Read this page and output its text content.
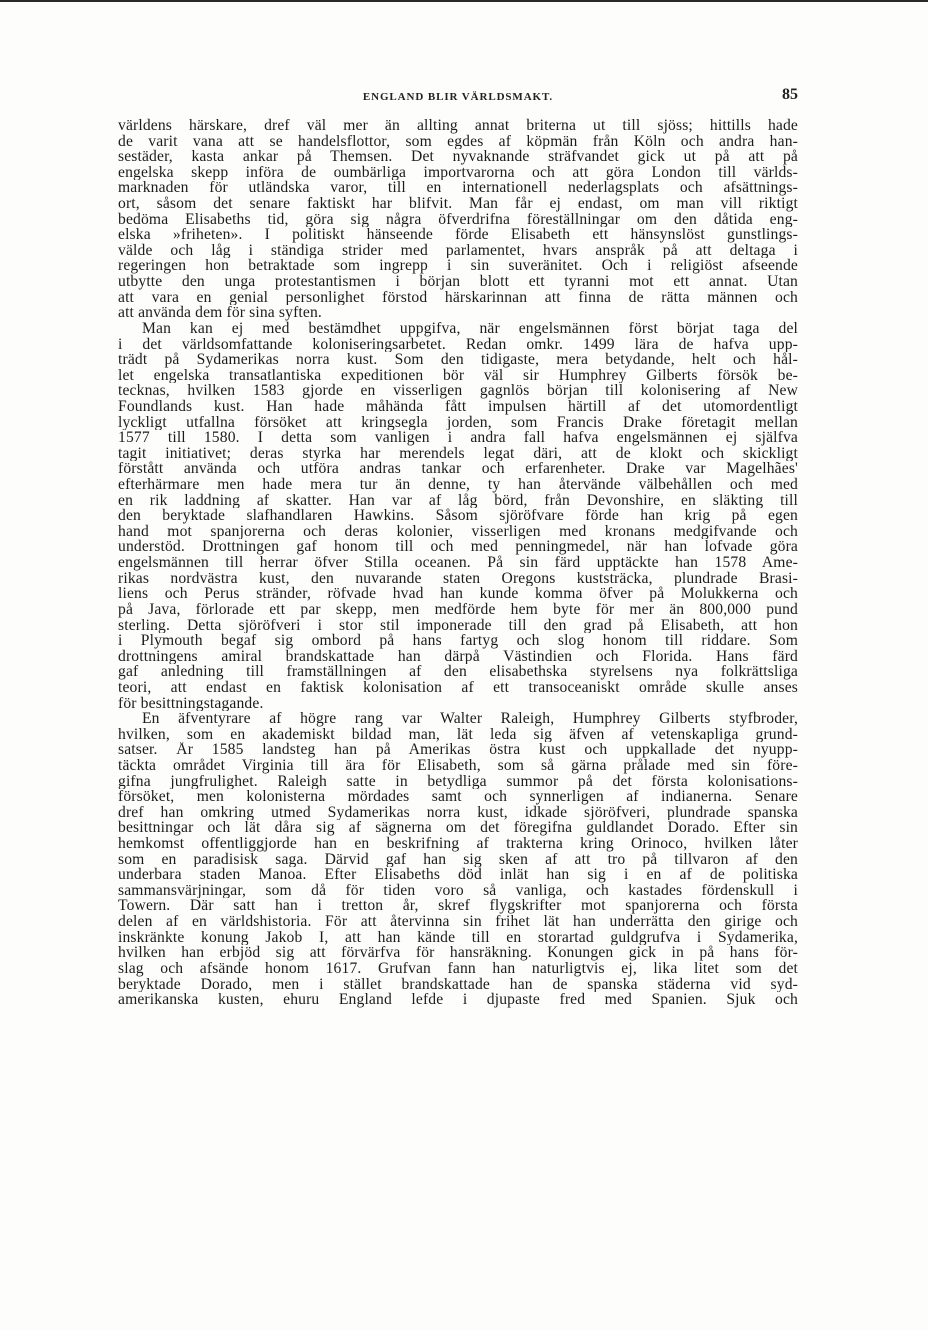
ENGLAND BLIR VÄRLDSMAKT.	85
världens härskare, dref väl mer än allting annat briterna ut till sjöss; hittills hade
de varit vana att se handelsflottor, som egdes af köpmän från Köln och andra han-
sestäder, kasta ankar på Themsen. Det nyvaknande sträfvandet gick ut på att på
engelska skepp införa de oumbärliga importvarorna och att göra London till världs-
marknaden för utländska varor, till en internationell nederlagsplats och afsättnings-
ort, såsom det senare faktiskt har blifvit. Man får ej endast, om man vill riktigt
bedöma Elisabeths tid, göra sig några öfverdrifna föreställningar om den dåtida eng-
elska »friheten». I politiskt hänseende förde Elisabeth ett hänsynslöst gunstlings-
välde och låg i ständiga strider med parlamentet, hvars anspråk på att deltaga i
regeringen hon betraktade som ingrepp i sin suveränitet. Och i religiöst afseende
utbytte den unga protestantismen i början blott ett tyranni mot ett annat. Utan
att vara en genial personlighet förstod härskarinnan att finna de rätta männen och
att använda dem för sina syften.
Man kan ej med bestämdhet uppgifva, när engelsmännen först börjat taga del
i det världsomfattande koloniseringsarbetet. Redan omkr. 1499 lära de hafva upp-
trädt på Sydamerikas norra kust. Som den tidigaste, mera betydande, helt och hål-
let engelska transatlantiska expeditionen bör väl sir Humphrey Gilberts försök be-
tecknas, hvilken 1583 gjorde en visserligen gagnlös början till kolonisering af New
Foundlands kust. Han hade måhända fått impulsen härtill af det utomordentligt
lyckligt utfallna försöket att kringsegla jorden, som Francis Drake företagit mellan
1577 till 1580. I detta som vanligen i andra fall hafva engelsmännen ej själfva
tagit initiativet; deras styrka har merendels legat däri, att de klokt och skickligt
förstått använda och utföra andras tankar och erfarenheter. Drake var Magelhães'
efterhärmare men hade mera tur än denne, ty han återvände välbehållen och med
en rik laddning af skatter. Han var af låg börd, från Devonshire, en släkting till
den beryktade slafhandlaren Hawkins. Såsom sjöröfvare förde han krig på egen
hand mot spanjorerna och deras kolonier, visserligen med kronans medgifvande och
understöd. Drottningen gaf honom till och med penningmedel, när han lofvade göra
engelsmännen till herrar öfver Stilla oceanen. På sin färd upptäckte han 1578 Ame-
rikas nordvästra kust, den nuvarande staten Oregons kuststräcka, plundrade Brasi-
liens och Perus stränder, röfvade hvad han kunde komma öfver på Molukkerna och
på Java, förlorade ett par skepp, men medförde hem byte för mer än 800,000 pund
sterling. Detta sjöröfveri i stor stil imponerade till den grad på Elisabeth, att hon
i Plymouth begaf sig ombord på hans fartyg och slog honom till riddare. Som
drottningens amiral brandskattade han därpå Västindien och Florida. Hans färd
gaf anledning till framställningen af den elisabethska styrelsens nya folkrättsliga
teori, att endast en faktisk kolonisation af ett transoceaniskt område skulle anses
för besittningstagande.
En äfventyrare af högre rang var Walter Raleigh, Humphrey Gilberts styfbroder,
hvilken, som en akademiskt bildad man, lät leda sig äfven af vetenskapliga grund-
satser. År 1585 landsteg han på Amerikas östra kust och uppkallade det nyupp-
täckta området Virginia till ära för Elisabeth, som så gärna prålade med sin före-
gifna jungfrulighet. Raleigh satte in betydliga summor på det första kolonisations-
försöket, men kolonisterna mördades samt och synnerligen af indianerna. Senare
dref han omkring utmed Sydamerikas norra kust, idkade sjöröfveri, plundrade spanska
besittningar och lät dåra sig af sägnerna om det föregifna guldlandet Dorado. Efter sin
hemkomst offentliggjorde han en beskrifning af trakterna kring Orinoco, hvilken låter
som en paradisisk saga. Därvid gaf han sig sken af att tro på tillvaron af den
underbara staden Manoa. Efter Elisabeths död inlät han sig i en af de politiska
sammansvärjningar, som då för tiden voro så vanliga, och kastades fördenskull i
Towern. Där satt han i tretton år, skref flygskrifter mot spanjorerna och första
delen af en världshistoria. För att återvinna sin frihet lät han underrätta den girige och
inskränkte konung Jakob I, att han kände till en storartad guldgrufva i Sydamerika,
hvilken han erbjöd sig att förvärfva för hansräkning. Konungen gick in på hans för-
slag och afsände honom 1617. Grufvan fann han naturligtvis ej, lika litet som det
beryktade Dorado, men i stället brandskattade han de spanska städerna vid syd-
amerikanska kusten, ehuru England lefde i djupaste fred med Spanien. Sjuk och
